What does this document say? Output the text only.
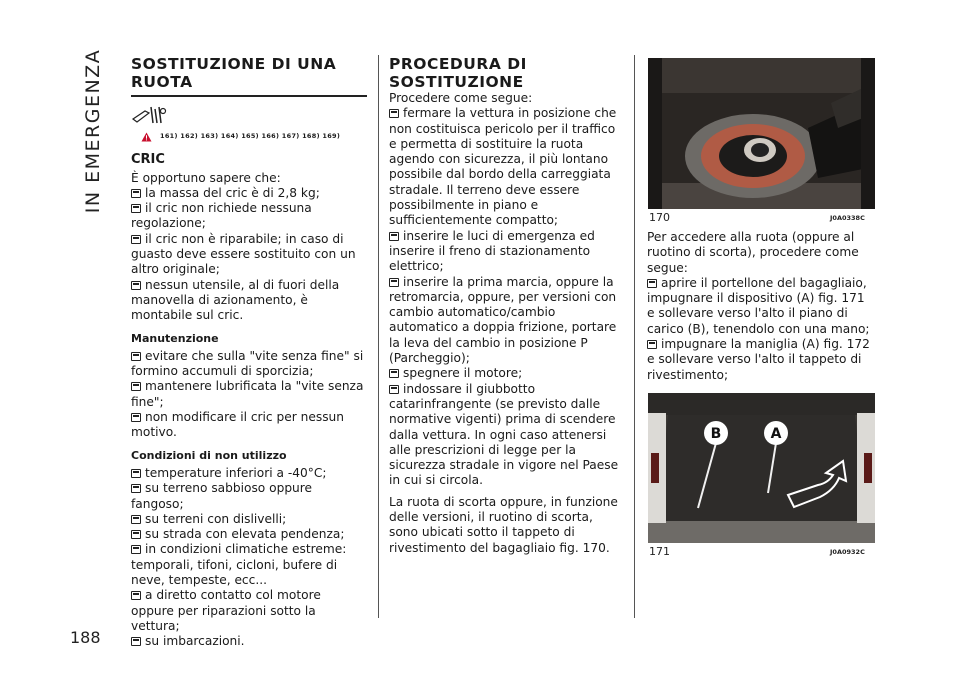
IN EMERGENZA
188
SOSTITUZIONE DI UNA RUOTA
161) 162) 163) 164) 165) 166) 167) 168) 169)
CRIC

È opportuno sapere che:

la massa del cric è di 2,8 kg;

il cric non richiede nessuna regolazione;

il cric non è riparabile; in caso di guasto deve essere sostituito con un altro originale;

nessun utensile, al di fuori della manovella di azionamento, è montabile sul cric.

Manutenzione

evitare che sulla "vite senza fine" si formino accumuli di sporcizia;

mantenere lubrificata la "vite senza fine";

non modificare il cric per nessun motivo.

Condizioni di non utilizzo

temperature inferiori a -40°C;

su terreno sabbioso oppure fangoso;

su terreni con dislivelli;

su strada con elevata pendenza;

in condizioni climatiche estreme: temporali, tifoni, cicloni, bufere di neve, tempeste, ecc...

a diretto contatto col motore oppure per riparazioni sotto la vettura;

su imbarcazioni.

PROCEDURA DI SOSTITUZIONE

Procedere come segue:

fermare la vettura in posizione che non costituisca pericolo per il traffico e permetta di sostituire la ruota agendo con sicurezza, il più lontano possibile dal bordo della carreggiata stradale. Il terreno deve essere possibilmente in piano e sufficientemente compatto;

inserire le luci di emergenza ed inserire il freno di stazionamento elettrico;

inserire la prima marcia, oppure la retromarcia, oppure, per versioni con cambio automatico/cambio automatico a doppia frizione, portare la leva del cambio in posizione P (Parcheggio);

spegnere il motore;

indossare il giubbotto catarinfrangente (se previsto dalle normative vigenti) prima di scendere dalla vettura. In ogni caso attenersi alle prescrizioni di legge per la sicurezza stradale in vigore nel Paese in cui si circola.

La ruota di scorta oppure, in funzione delle versioni, il ruotino di scorta, sono ubicati sotto il tappeto di rivestimento del bagagliaio fig. 170.

170	J0A0338C

Per accedere alla ruota (oppure al ruotino di scorta), procedere come segue:

aprire il portellone del bagagliaio, impugnare il dispositivo (A) fig. 171 e sollevare verso l'alto il piano di carico (B), tenendolo con una mano;

impugnare la maniglia (A) fig. 172 e sollevare verso l'alto il tappeto di rivestimento;

B	A
171	J0A0932C
